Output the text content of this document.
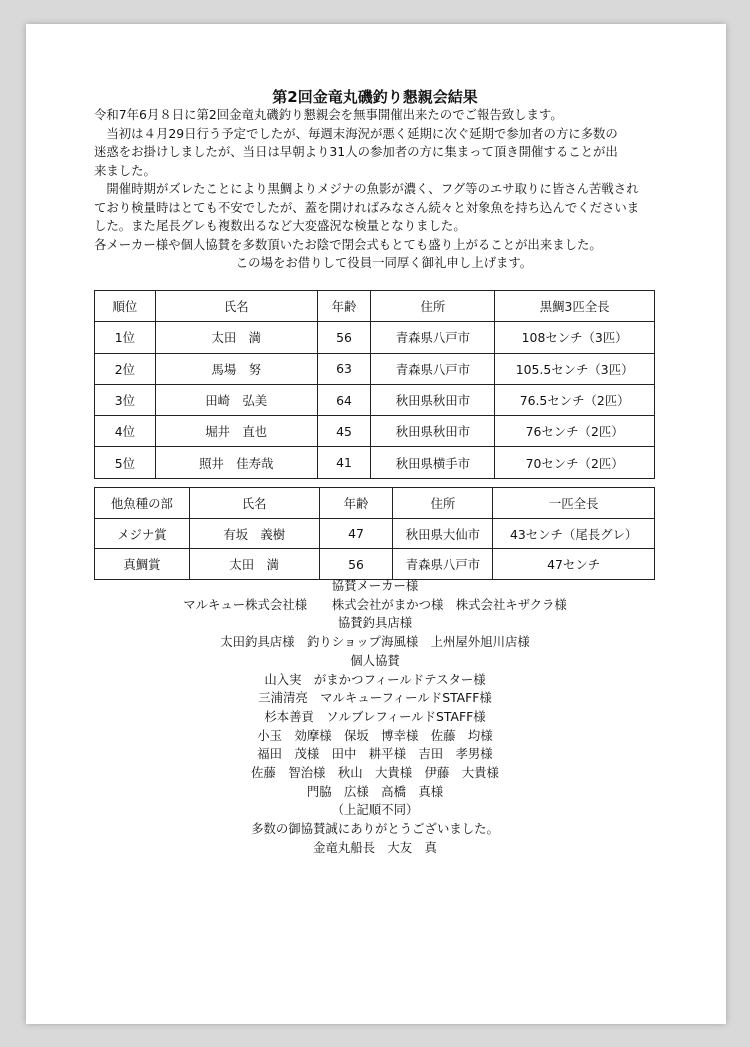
第2回金竜丸磯釣り懇親会結果

令和7年6月８日に第2回金竜丸磯釣り懇親会を無事開催出来たのでご報告致します。

　当初は４月29日行う予定でしたが、毎週末海況が悪く延期に次ぐ延期で参加者の方に多数の

迷惑をお掛けしましたが、当日は早朝より31人の参加者の方に集まって頂き開催することが出

来ました。

　開催時期がズレたことにより黒鯛よりメジナの魚影が濃く、フグ等のエサ取りに皆さん苦戦され

ており検量時はとても不安でしたが、蓋を開ければみなさん続々と対象魚を持ち込んでくださいま

した。また尾長グレも複数出るなど大変盛況な検量となりました。

各メーカー様や個人協賛を多数頂いたお陰で閉会式もとても盛り上がることが出来ました。

この場をお借りして役員一同厚く御礼申し上げます。

順位	氏名	年齢	住所	黒鯛3匹全長
1位	太田　満	56	青森県八戸市	108センチ（3匹）
2位	馬場　努	63	青森県八戸市	105.5センチ（3匹）
3位	田崎　弘美	64	秋田県秋田市	76.5センチ（2匹）
4位	堀井　直也	45	秋田県秋田市	76センチ（2匹）
5位	照井　佳寿哉	41	秋田県横手市	70センチ（2匹）
他魚種の部	氏名	年齢	住所	一匹全長
メジナ賞	有坂　義樹	47	秋田県大仙市	43センチ（尾長グレ）
真鯛賞	太田　満	56	青森県八戸市	47センチ
協賛メーカー様
マルキュー株式会社様　　株式会社がまかつ様　株式会社キザクラ様
協賛釣具店様
太田釣具店様　釣りショップ海風様　上州屋外旭川店様
個人協賛
山入実　がまかつフィールドテスター様
三浦清亮　マルキューフィールドSTAFF様
杉本善貢　ソルブレフィールドSTAFF様
小玉　効摩様　保坂　博幸様　佐藤　均様
福田　茂様　田中　耕平様　吉田　孝男様
佐藤　智治様　秋山　大貴様　伊藤　大貴様
門脇　広様　高橋　真様
（上記順不同）
多数の御協賛誠にありがとうございました。
金竜丸船長　大友　真
